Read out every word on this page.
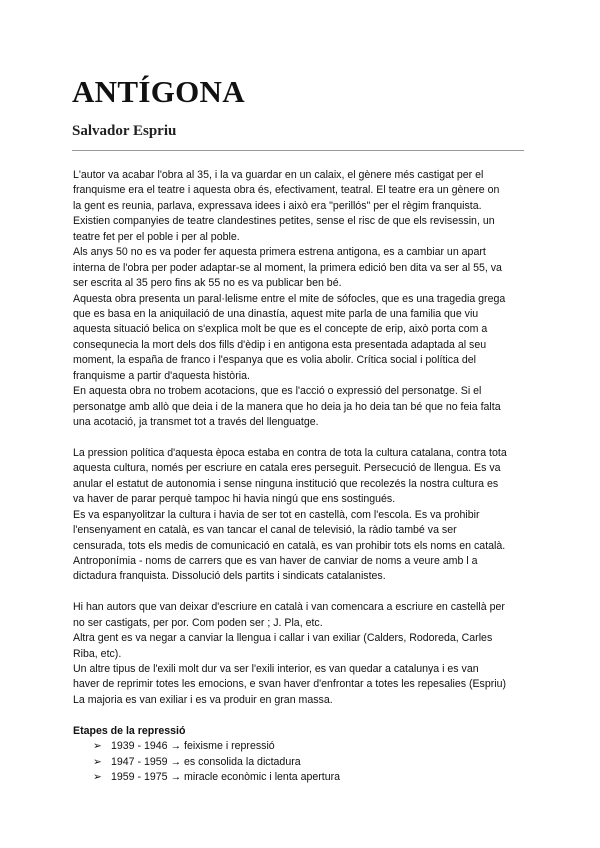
ANTÍGONA
Salvador Espriu
L'autor va acabar l'obra al 35, i la va guardar en un calaix, el gènere més castigat per el
franquisme era el teatre i aquesta obra és, efectivament, teatral. El teatre era un gènere on
la gent es reunia, parlava, expressava idees i això era "perillós" per el règim franquista.
Existien companyies de teatre clandestines petites, sense el risc de que els revisessin, un
teatre fet per el poble i per al poble.
Als anys 50 no es va poder fer aquesta primera estrena antigona, es a cambiar un apart
interna de l'obra per poder adaptar-se al moment, la primera edició ben dita va ser al 55, va
ser escrita al 35 pero fins ak 55 no es va publicar ben bé.
Aquesta obra presenta un paral·lelisme entre el mite de sófocles, que es una tragedia grega
que es basa en la aniquilació de una dinastía, aquest mite parla de una familia que viu
aquesta situació belica on s'explica molt be que es el concepte de erip, això porta com a
consequnecia la mort dels dos fills d'èdip i en antigona esta presentada adaptada al seu
moment, la españa de franco i l'espanya que es volia abolir. Crítica social i política del
franquisme a partir d'aquesta història.
En aquesta obra no trobem acotacions, que es l'acció o expressió del personatge. Si el
personatge amb allò que deia i de la manera que ho deia ja ho deia tan bé que no feia falta
una acotació, ja transmet tot a través del llenguatge.
La pression política d'aquesta època estaba en contra de tota la cultura catalana, contra tota
aquesta cultura, només per escriure en catala eres perseguit. Persecució de llengua. Es va
anular el estatut de autonomia i sense ninguna institució que recolezés la nostra cultura es
va haver de parar perquè tampoc hi havia ningú que ens sostingués.
Es va espanyolitzar la cultura i havia de ser tot en castellà, com l'escola. Es va prohibir
l'ensenyament en català, es van tancar el canal de televisió, la ràdio també va ser
censurada, tots els medis de comunicació en català, es van prohibir tots els noms en català.
Antroponímia - noms de carrers que es van haver de canviar de noms a veure amb l a
dictadura franquista. Dissolució dels partits i sindicats catalanistes.
Hi han autors que van deixar d'escriure en català i van comencara a escriure en castellà per
no ser castigats, per por. Com poden ser ; J. Pla, etc.
Altra gent es va negar a canviar la llengua i callar i van exiliar (Calders, Rodoreda, Carles
Riba, etc).
Un altre tipus de l'exili molt dur va ser l'exili interior, es van quedar a catalunya i es van
haver de reprimir totes les emocions, e svan haver d'enfrontar a totes les repesalies (Espriu)
La majoria es van exiliar i es va produir en gran massa.
Etapes de la repressió
➢ 1939 - 1946 → feixisme i repressió
➢ 1947 - 1959 → es consolida la dictadura
➢ 1959 - 1975 → miracle econòmic i lenta apertura
